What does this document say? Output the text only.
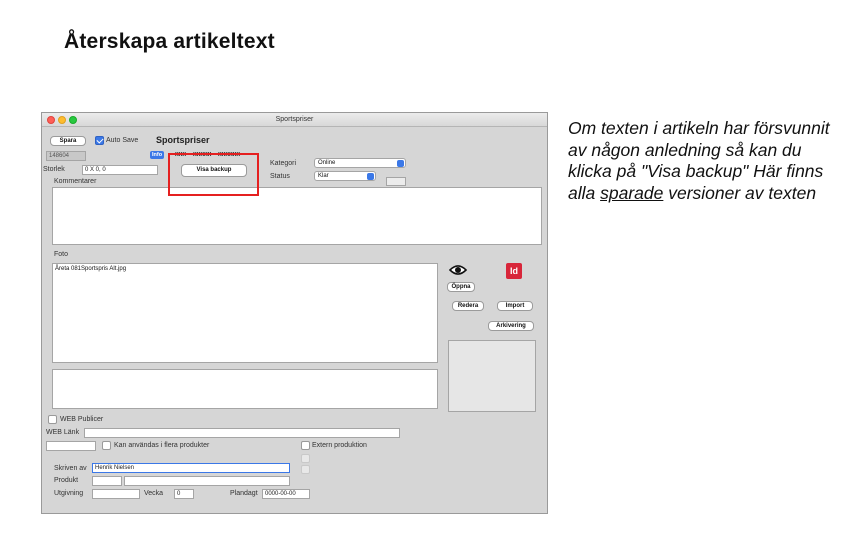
Återskapa artikeltext
Om texten i artikeln har försvunnit av någon anledning så kan du klicka på "Visa backup" Här finns alla sparade versioner av texten
Sportspriser
Spara	Auto Save Sportspriser
148604	Info	XXX XXXXX XXXXXX
Storlek	0 X 0, 0
Kommentarer
Visa backup
Kategori	Online
Status	Klar
Foto
Åreta 081Sportspris Alt.jpg	Id
Öppna
Redera	Import
Arkivering
WEB Publicer
WEB Länk
Kan användas i flera produkter	Extern produktion
Skriven av	Henrik Nielsen
Produkt
Utgivning	Vecka	0	Plandagt	0000-00-00
